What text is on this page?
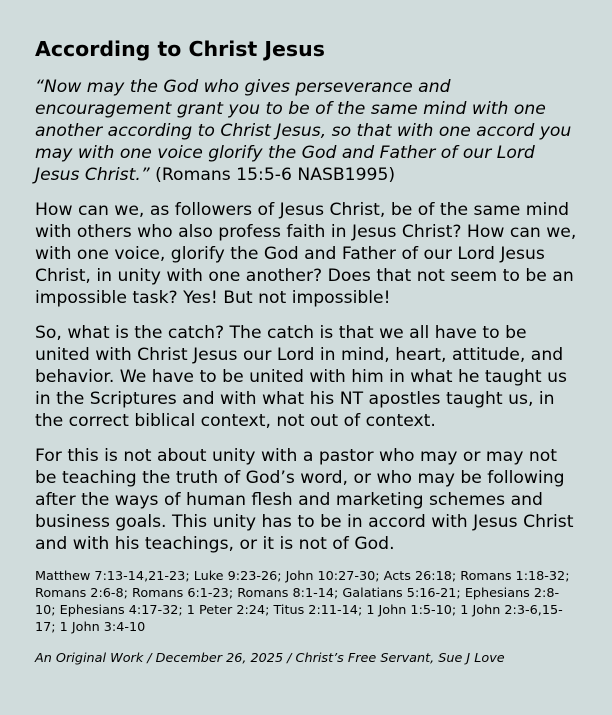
According to Christ Jesus

“Now may the God who gives perseverance and encouragement grant you to be of the same mind with one another according to Christ Jesus, so that with one accord you may with one voice glorify the God and Father of our Lord Jesus Christ.” (Romans 15:5-6 NASB1995)

How can we, as followers of Jesus Christ, be of the same mind with others who also profess faith in Jesus Christ? How can we, with one voice, glorify the God and Father of our Lord Jesus Christ, in unity with one another? Does that not seem to be an impossible task? Yes! But not impossible!

So, what is the catch? The catch is that we all have to be united with Christ Jesus our Lord in mind, heart, attitude, and behavior. We have to be united with him in what he taught us in the Scriptures and with what his NT apostles taught us, in the correct biblical context, not out of context.

For this is not about unity with a pastor who may or may not be teaching the truth of God’s word, or who may be following after the ways of human flesh and marketing schemes and business goals. This unity has to be in accord with Jesus Christ and with his teachings, or it is not of God.

Matthew 7:13-14,21-23; Luke 9:23-26; John 10:27-30; Acts 26:18; Romans 1:18-32; Romans 2:6-8; Romans 6:1-23; Romans 8:1-14; Galatians 5:16-21; Ephesians 2:8-10; Ephesians 4:17-32; 1 Peter 2:24; Titus 2:11-14; 1 John 1:5-10; 1 John 2:3-6,15-17; 1 John 3:4-10

An Original Work / December 26, 2025 / Christ’s Free Servant, Sue J Love
